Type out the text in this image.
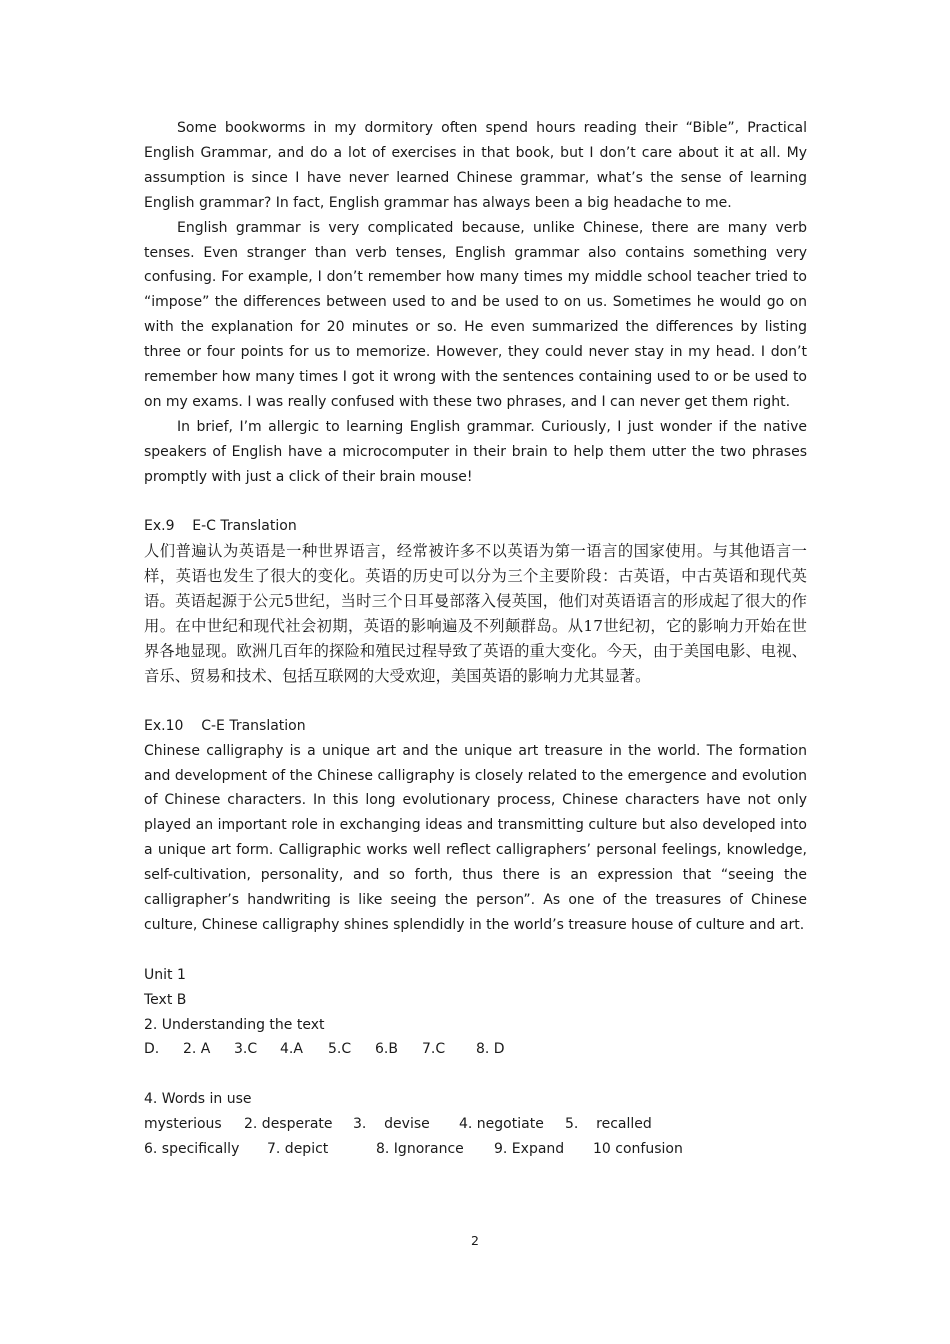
Some bookworms in my dormitory often spend hours reading their “Bible”, Practical English Grammar, and do a lot of exercises in that book, but I don’t care about it at all. My assumption is since I have never learned Chinese grammar, what’s the sense of learning English grammar? In fact, English grammar has always been a big headache to me.

English grammar is very complicated because, unlike Chinese, there are many verb tenses. Even stranger than verb tenses, English grammar also contains something very confusing. For example, I don’t remember how many times my middle school teacher tried to “impose” the differences between used to and be used to on us. Sometimes he would go on with the explanation for 20 minutes or so. He even summarized the differences by listing three or four points for us to memorize. However, they could never stay in my head. I don’t remember how many times I got it wrong with the sentences containing used to or be used to on my exams. I was really confused with these two phrases, and I can never get them right.

In brief, I’m allergic to learning English grammar. Curiously, I just wonder if the native speakers of English have a microcomputer in their brain to help them utter the two phrases promptly with just a click of their brain mouse!

Ex.9    E-C Translation

人们普遍认为英语是一种世界语言，经常被许多不以英语为第一语言的国家使用。与其他语言一样，英语也发生了很大的变化。英语的历史可以分为三个主要阶段：古英语，中古英语和现代英语。英语起源于公元5世纪，当时三个日耳曼部落入侵英国，他们对英语语言的形成起了很大的作用。在中世纪和现代社会初期，英语的影响遍及不列颠群岛。从17世纪初，它的影响力开始在世界各地显现。欧洲几百年的探险和殖民过程导致了英语的重大变化。今天，由于美国电影、电视、音乐、贸易和技术、包括互联网的大受欢迎，美国英语的影响力尤其显著。

Ex.10    C-E Translation

Chinese calligraphy is a unique art and the unique art treasure in the world. The formation and development of the Chinese calligraphy is closely related to the emergence and evolution of Chinese characters. In this long evolutionary process, Chinese characters have not only played an important role in exchanging ideas and transmitting culture but also developed into a unique art form. Calligraphic works well reflect calligraphers’ personal feelings, knowledge, self-cultivation, personality, and so forth, thus there is an expression that “seeing the calligrapher’s handwriting is like seeing the person”. As one of the treasures of Chinese culture, Chinese calligraphy shines splendidly in the world’s treasure house of culture and art.

Unit 1

Text B

2. Understanding the text

D.	2. A	3.C	4.A	5.C	6.B	7.C	8. D

4. Words in use

mysterious	2. desperate	3.    devise	4. negotiate	5.    recalled
6. specifically	7. depict	8. Ignorance	9. Expand	10 confusion
2
